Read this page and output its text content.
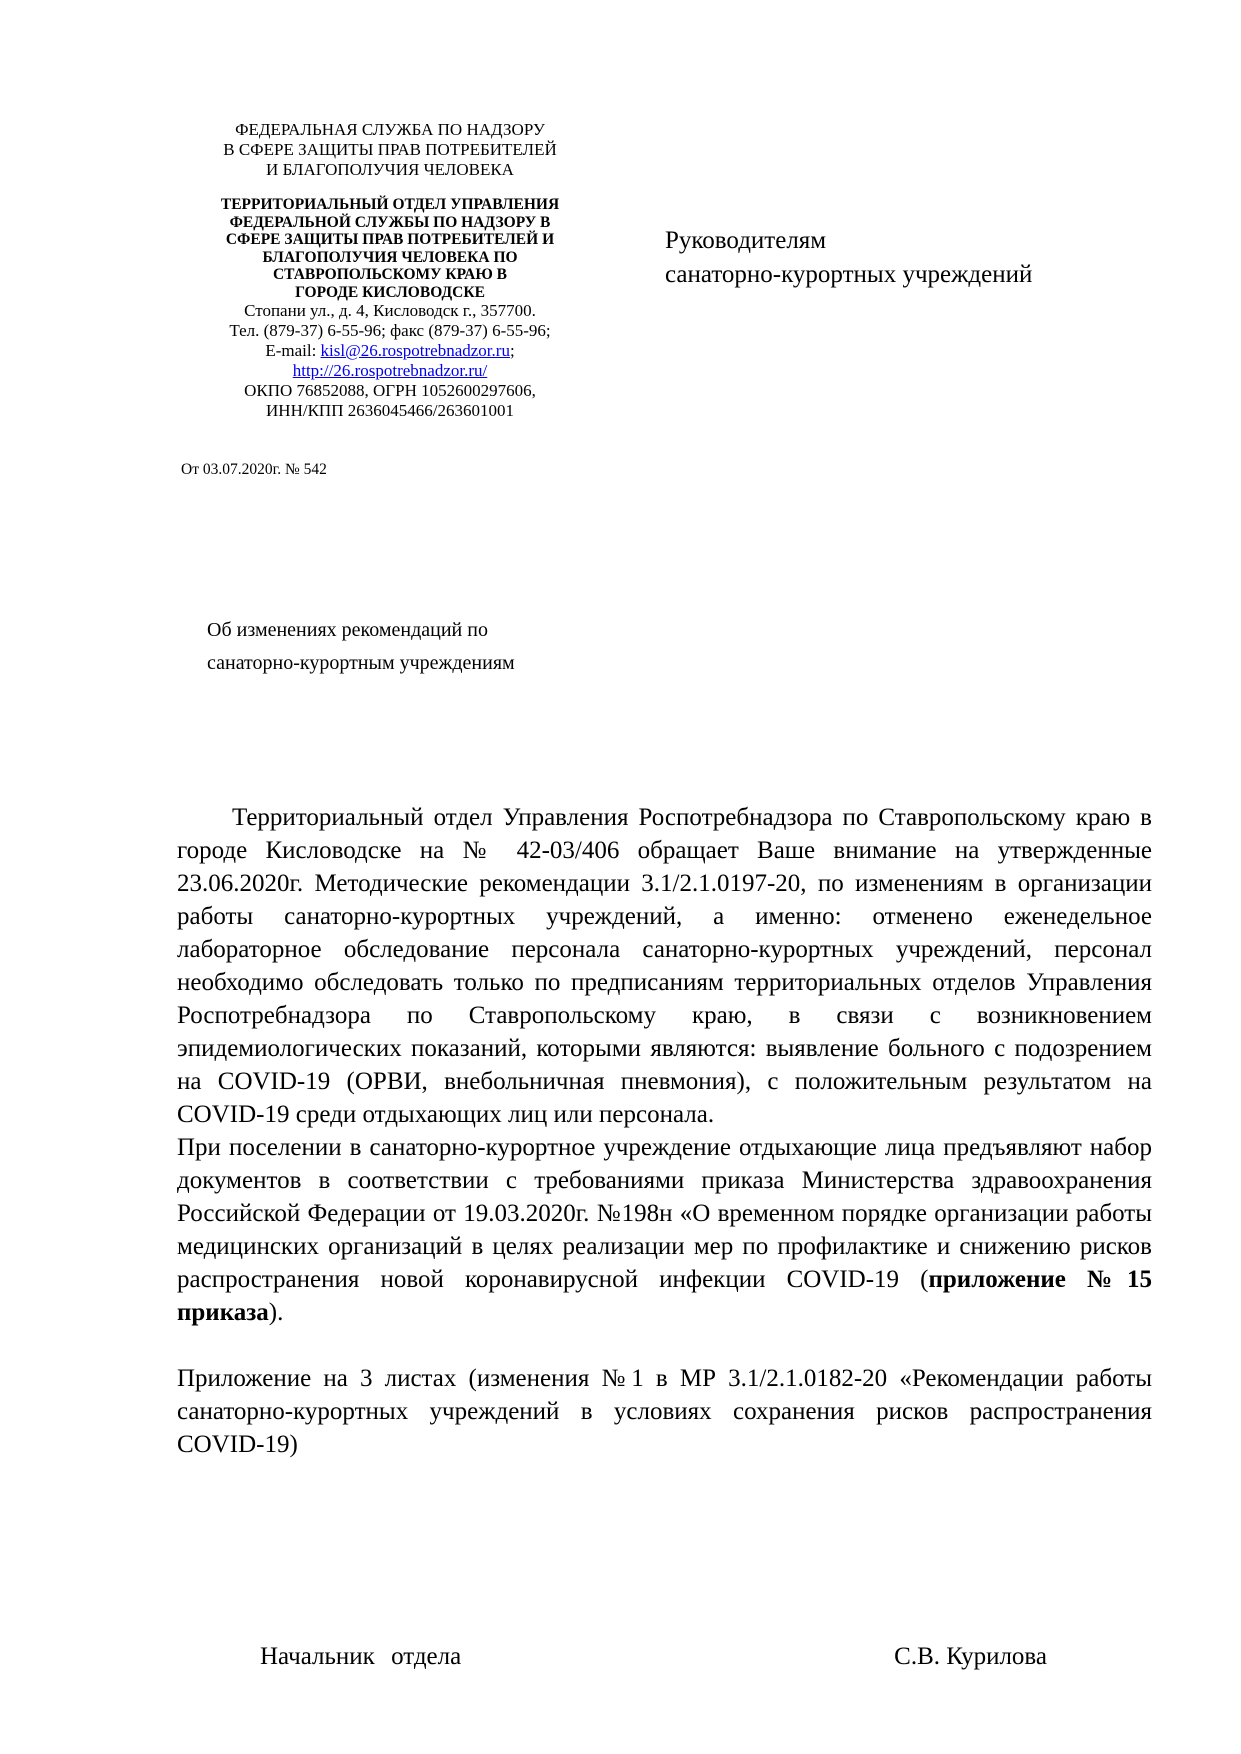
ФЕДЕРАЛЬНАЯ СЛУЖБА ПО НАДЗОРУ
В СФЕРЕ ЗАЩИТЫ ПРАВ ПОТРЕБИТЕЛЕЙ
И БЛАГОПОЛУЧИЯ ЧЕЛОВЕКА
ТЕРРИТОРИАЛЬНЫЙ ОТДЕЛ УПРАВЛЕНИЯ
ФЕДЕРАЛЬНОЙ СЛУЖБЫ ПО НАДЗОРУ В
СФЕРЕ ЗАЩИТЫ ПРАВ ПОТРЕБИТЕЛЕЙ И
БЛАГОПОЛУЧИЯ ЧЕЛОВЕКА ПО
СТАВРОПОЛЬСКОМУ КРАЮ В
ГОРОДЕ КИСЛОВОДСКЕ
Стопани ул., д. 4, Кисловодск г., 357700.
Тел. (879-37) 6-55-96; факс (879-37) 6-55-96;
E-mail: kisl@26.rospotrebnadzor.ru;
http://26.rospotrebnadzor.ru/
ОКПО 76852088, ОГРН 1052600297606,
ИНН/КПП 2636045466/263601001
От 03.07.2020г. № 542
Руководителям
санаторно-курортных учреждений
Об изменениях рекомендаций по
санаторно-курортным учреждениям

Территориальный отдел Управления Роспотребнадзора по Ставропольскому краю в городе Кисловодске на № 42-03/406 обращает Ваше внимание на утвержденные 23.06.2020г. Методические рекомендации 3.1/2.1.0197-20, по изменениям в организации работы санаторно-курортных учреждений, а именно: отменено еженедельное лабораторное обследование персонала санаторно-курортных учреждений, персонал необходимо обследовать только по предписаниям территориальных отделов Управления Роспотребнадзора по Ставропольскому краю, в связи с возникновением эпидемиологических показаний, которыми являются: выявление больного с подозрением на COVID-19 (ОРВИ, внебольничная пневмония), с положительным результатом на COVID-19 среди отдыхающих лиц или персонала.

При поселении в санаторно-курортное учреждение отдыхающие лица предъявляют набор документов в соответствии с требованиями приказа Министерства здравоохранения Российской Федерации от 19.03.2020г. №198н «О временном порядке организации работы медицинских организаций в целях реализации мер по профилактике и снижению рисков распространения новой коронавирусной инфекции COVID-19 (приложение №15 приказа).

Приложение на 3 листах (изменения №1 в МР 3.1/2.1.0182-20 «Рекомендации работы санаторно-курортных учреждений в условиях сохранения рисков распространения COVID-19)

Начальник отдела	С.В. Курилова
